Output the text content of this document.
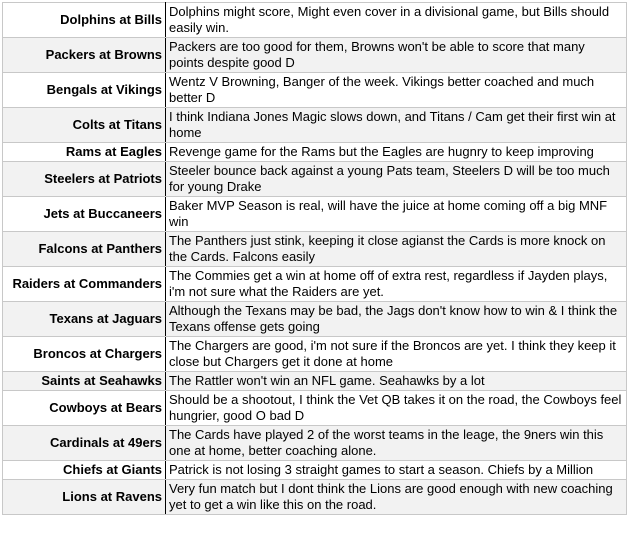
Dolphins at Bills	Dolphins might score, Might even cover in a divisional game, but Bills should easily win.
Packers at Browns	Packers are too good for them, Browns won't be able to score that many points despite good D
Bengals at Vikings	Wentz V Browning, Banger of the week. Vikings better coached and much better D
Colts at Titans	I think Indiana Jones Magic slows down, and Titans / Cam get their first win at home
Rams at Eagles	Revenge game for the Rams but the Eagles are hugnry to keep improving
Steelers at Patriots	Steeler bounce back against a young Pats team, Steelers D will be too much for young Drake
Jets at Buccaneers	Baker MVP Season is real, will have the juice at home coming off a big MNF win
Falcons at Panthers	The Panthers just stink, keeping it close agianst the Cards is more knock on the Cards. Falcons easily
Raiders at Commanders	The Commies get a win at home off of extra rest, regardless if Jayden plays, i'm not sure what the Raiders are yet.
Texans at Jaguars	Although the Texans may be bad, the Jags don't know how to win & I think the Texans offense gets going
Broncos at Chargers	The Chargers are good, i'm not sure if the Broncos are yet. I think they keep it close but Chargers get it done at home
Saints at Seahawks	The Rattler won't win an NFL game. Seahawks by a lot
Cowboys at Bears	Should be a shootout, I think the Vet QB takes it on the road, the Cowboys feel hungrier, good O bad D
Cardinals at 49ers	The Cards have played 2 of the worst teams in the leage, the 9ners win this one at home, better coaching alone.
Chiefs at Giants	Patrick is not losing 3 straight games to start a season. Chiefs by a Million
Lions at Ravens	Very fun match but I dont think the Lions are good enough with new coaching yet to get a win like this on the road.
